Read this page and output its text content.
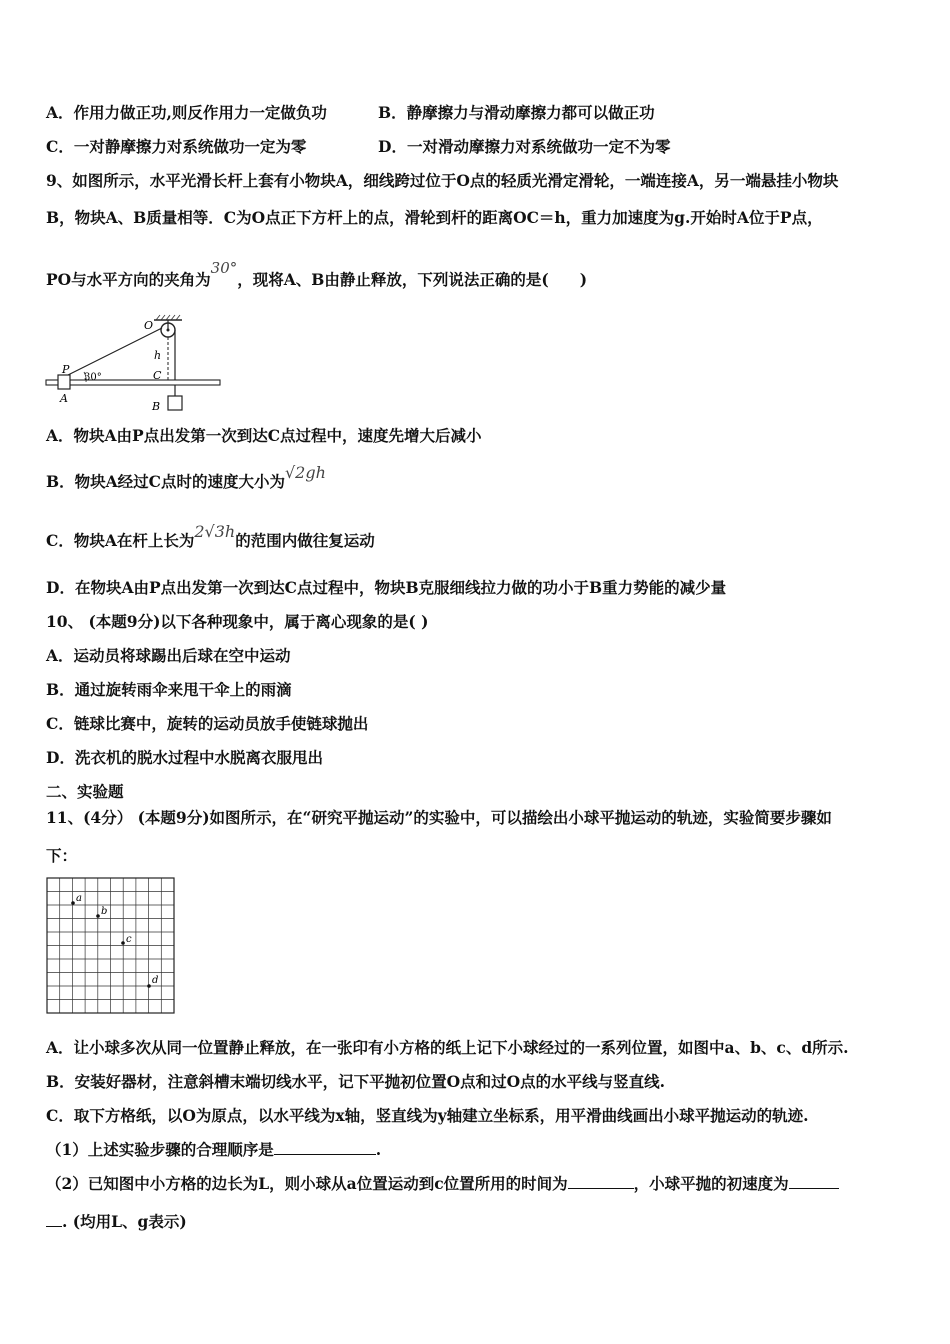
A．作用力做正功,则反作用力一定做负功	B．静摩擦力与滑动摩擦力都可以做正功
C．一对静摩擦力对系统做功一定为零	D．一对滑动摩擦力对系统做功一定不为零
9、如图所示，水平光滑长杆上套有小物块A，细线跨过位于O点的轻质光滑定滑轮，一端连接A，另一端悬挂小物块
B，物块A、B质量相等．C为O点正下方杆上的点，滑轮到杆的距离OC＝h，重力加速度为g.开始时A位于P点，
PO与水平方向的夹角为30°，现将A、B由静止释放，下列说法正确的是(　　)
O
h
P
30°	C
A
B
A．物块A由P点出发第一次到达C点过程中，速度先增大后减小
B．物块A经过C点时的速度大小为√2gh
C．物块A在杆上长为2√3h的范围内做往复运动
D．在物块A由P点出发第一次到达C点过程中，物块B克服细线拉力做的功小于B重力势能的减少量
10、 (本题9分)以下各种现象中，属于离心现象的是( )
A．运动员将球踢出后球在空中运动
B．通过旋转雨伞来甩干伞上的雨滴
C．链球比赛中，旋转的运动员放手使链球抛出
D．洗衣机的脱水过程中水脱离衣服甩出
二、实验题
11、(4分） (本题9分)如图所示，在“研究平抛运动”的实验中，可以描绘出小球平抛运动的轨迹，实验简要步骤如
下：
a
b
c
d
A．让小球多次从同一位置静止释放，在一张印有小方格的纸上记下小球经过的一系列位置，如图中a、b、c、d所示.
B．安装好器材，注意斜槽末端切线水平，记下平抛初位置O点和过O点的水平线与竖直线.
C．取下方格纸，以O为原点，以水平线为x轴，竖直线为y轴建立坐标系，用平滑曲线画出小球平抛运动的轨迹.
（1）上述实验步骤的合理顺序是	.
（2）已知图中小方格的边长为L，则小球从a位置运动到c位置所用的时间为	，小球平抛的初速度为
. (均用L、g表示)
